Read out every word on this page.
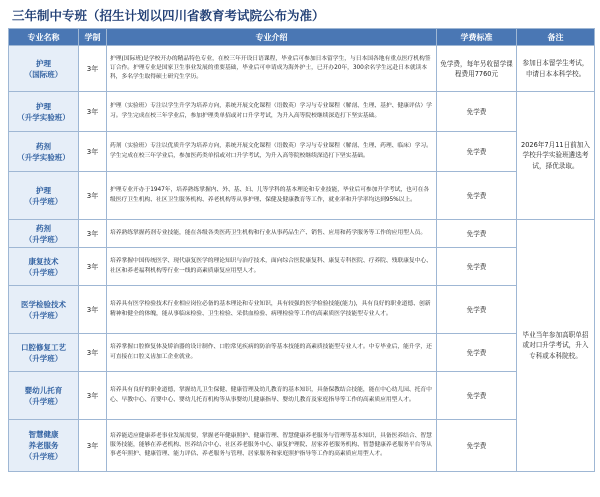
三年制中专班（招生计划以四川省教育考试院公布为准）
专业名称	学制	专业介绍	学费标准	备注

护理
（国际班）	3年	护理(国际班)是学校开办的精品特色专业，在校三年开设日语课程，毕业后可参加日本留学生，与日本国各地有重点医疗机构签订合作。护理专业是国家卫生事业发展的重要基础，毕业后可申请成为海外护士，已开办20年，300余名学生远赴日本就读本科，多名学生取得硕士研究生学历。	免学费，每年另收留学课程费用7760元	参加日本留学生考试，申请日本本科学校。

护理
（升学实验班）	3年	护理（实验班）专注以学生升学为培养方向，系统开展文化课程（语数英）学习与专业课程（解剖、生理、基护、健康评估）学习。学生完成在校三年学业后，参加护理类单招或对口升学考试，为升入高等院校继续深造打下坚实基础。	免学费	2026年7月11日前加入学校升学实验班遴选考试，择优录取。

药剂
（升学实验班）	3年	药剂（实验班）专注以优质升学为培养方向，系统开展文化课程（语数英）学习与专业课程（解剖、生理、药理、临床）学习。学生完成在校三年学业后，参加医药类单招或对口升学考试，为升入高等院校继续深造打下坚实基础。	免学费	

护理
（升学班）	3年	护理专业开办于1947年，培养熟练掌握内、外、基、妇、儿等学科的基本理论和专业技能，毕业后可参加升学考试，也可在各级医疗卫生机构、社区卫生服务机构、养老机构等从事护理、保健及健康教育等工作，就业率和升学率均达到95%以上。	免学费	

药剂
（升学班）	3年	培养熟练掌握药剂专业技能，能在各级各类医药卫生机构和行业从事药品生产、销售、应用和药学服务等工作的应用型人员。	免学费	毕业当年参加高职单招或对口升学考试，升入专科或本科院校。

康复技术
（升学班）	3年	培养掌握中国传统医学、现代康复医学的理论知识与治疗技术，面向综合医院康复科、康复专科医院、疗养院、残联康复中心、社区和养老福利机构等行业一线的高素质康复应用型人才。	免学费	

医学检验技术
（升学班）	3年	培养具有医学检验技术行业相应岗位必备的基本理论和专业知识，具有较强的医学检验技能(能力)，具有良好的职业道德、创新精神和健全的体魄，能从事临床检验、卫生检验、采供血检验、病理检验等工作的高素质医学技能型专业人才。	免学费	

口腔修复工艺
（升学班）	3年	培养掌握口腔修复体及矫治器的设计制作、口腔常见疾病的防治等基本技能的高素质技能型专业人才。中专毕业后，能升学，还可直接在口腔义齿加工企业就业。	免学费	

婴幼儿托育
（升学班）	3年	培养具有良好的职业道德，掌握幼儿卫生保健、健康管理及幼儿教育的基本知识，具备保教结合技能，能在中心幼儿园、托育中心、早教中心、育婴中心、婴幼儿托育机构等从事婴幼儿健康指导、婴幼儿教育及家庭指导等工作的高素质应用型人才。	免学费	

智慧健康
养老服务
（升学班）	3年	培养能适应健康养老事业发展需要，掌握老年健康照护、健康管理、智慧健康养老服务与管理等基本知识，具备医养结合、智慧服务技能，能够在养老机构、医养结合中心、社区养老服务中心、康复护理院、居家养老服务机构、智慧健康养老服务平台等从事老年照护、健康管理、能力评估、养老服务与管理、居家服务和家庭照护指导等工作的高素质应用型人才。	免学费	
